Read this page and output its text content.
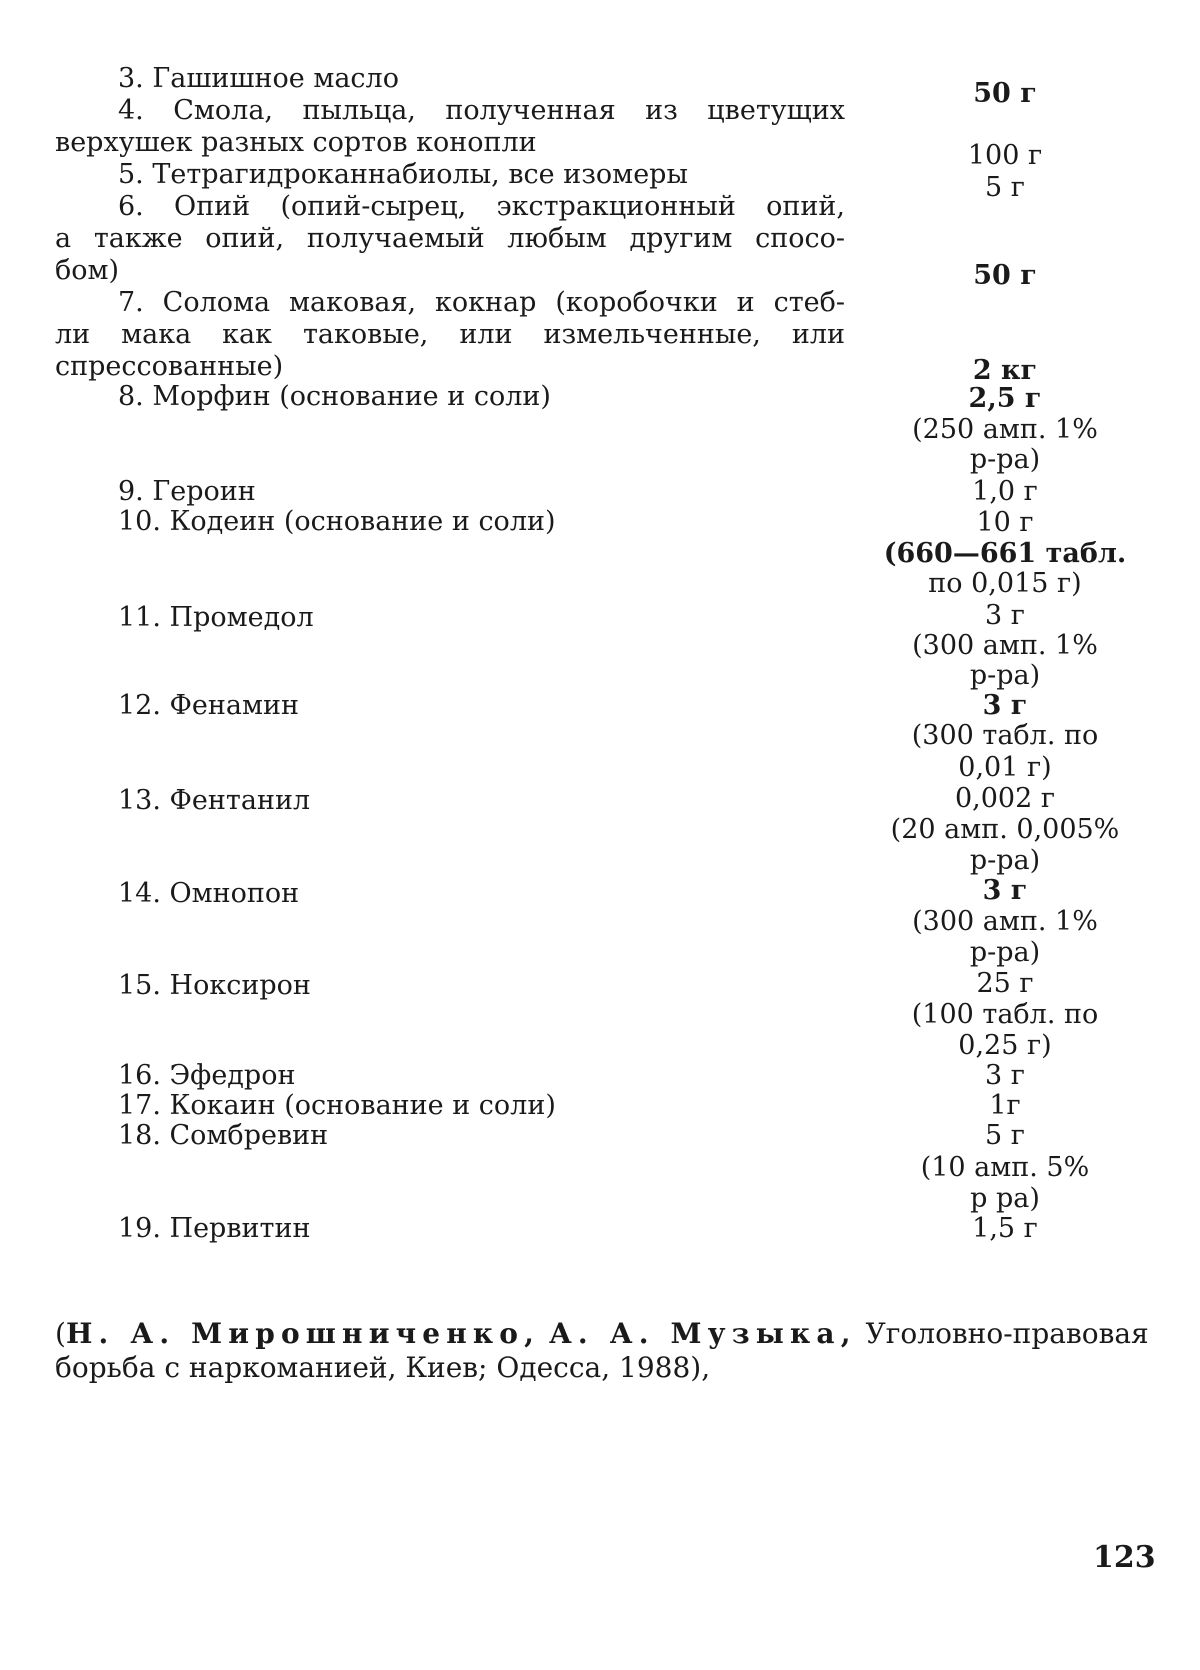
3. Гашишное масло
4. Смола, пыльца, полученная из цветущих
верхушек разных сортов конопли
5. Тетрагидроканнабиолы, все изомеры
6. Опий (опий-сырец, экстракционный опий,
а также опий, получаемый любым другим спосо-
бом)
7. Солома маковая, кокнар (коробочки и стеб-
ли мака как таковые, или измельченные, или
спрессованные)
8. Морфин (основание и соли)
9. Героин
10. Кодеин (основание и соли)
11. Промедол
12. Фенамин
13. Фентанил
14. Омнопон
15. Ноксирон
16. Эфедрон
17. Кокаин (основание и соли)
18. Сомбревин
19. Первитин
50 г
100 г
5 г
50 г
2 кг
2,5 г
(250 амп. 1%
р-ра)
1,0 г
10 г
(660—661 табл.
по 0,015 г)
3 г
(300 амп. 1%
р-ра)
3 г
(300 табл. по
0,01 г)
0,002 г
(20 амп. 0,005%
р-ра)
3 г
(300 амп. 1%
р-ра)
25 г
(100 табл. по
0,25 г)
3 г
1г
5 г
(10 амп. 5%
р ра)
1,5 г
(Н. А. Мирошниченко, А. А. Музыка, Уголовно-правовая
борьба с наркоманией, Киев; Одесса, 1988),
123
